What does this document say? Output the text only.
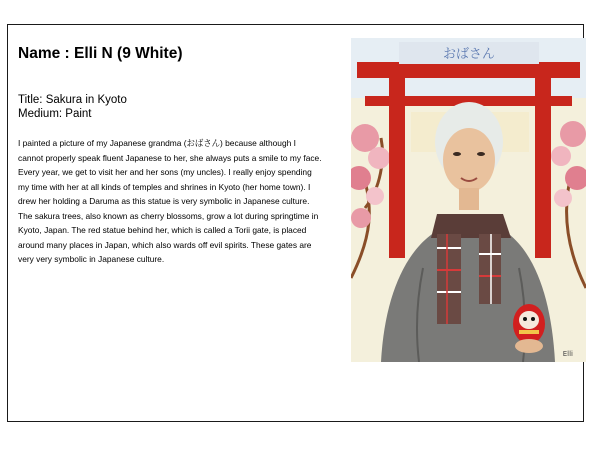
Name : Elli N (9 White)
Title: Sakura in Kyoto
Medium: Paint

I painted a picture of my Japanese grandma (おばさん) because although I cannot properly speak fluent Japanese to her, she always puts a smile to my face. Every year, we get to visit her and her sons (my uncles). I really enjoy spending my time with her at all kinds of temples and shrines in Kyoto (her home town). I drew her holding a Daruma as this statue is very symbolic in Japanese culture. The sakura trees, also known as cherry blossoms, grow a lot during springtime in Kyoto, Japan. The red statue behind her, which is called a Torii gate, is placed around many places in Japan, which also wards off evil spirits. These gates are very very symbolic in Japanese culture.

おばさん
Elli
